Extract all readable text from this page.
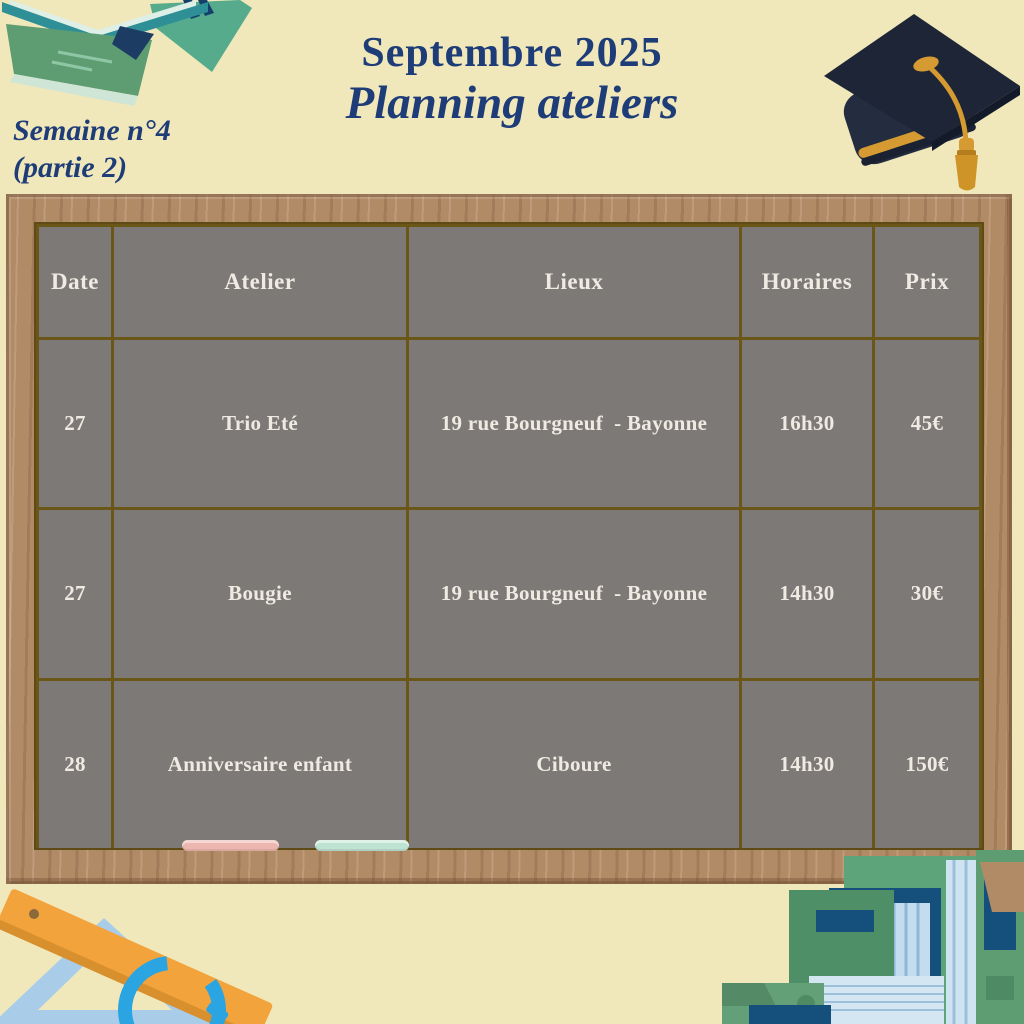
Date	Atelier	Lieux	Horaires	Prix
27	Trio Eté	19 rue Bourgneuf  - Bayonne	16h30	45€
27	Bougie	19 rue Bourgneuf  - Bayonne	14h30	30€
28	Anniversaire enfant	Ciboure	14h30	150€
Septembre 2025
Planning ateliers
Semaine n°4
(partie 2)
